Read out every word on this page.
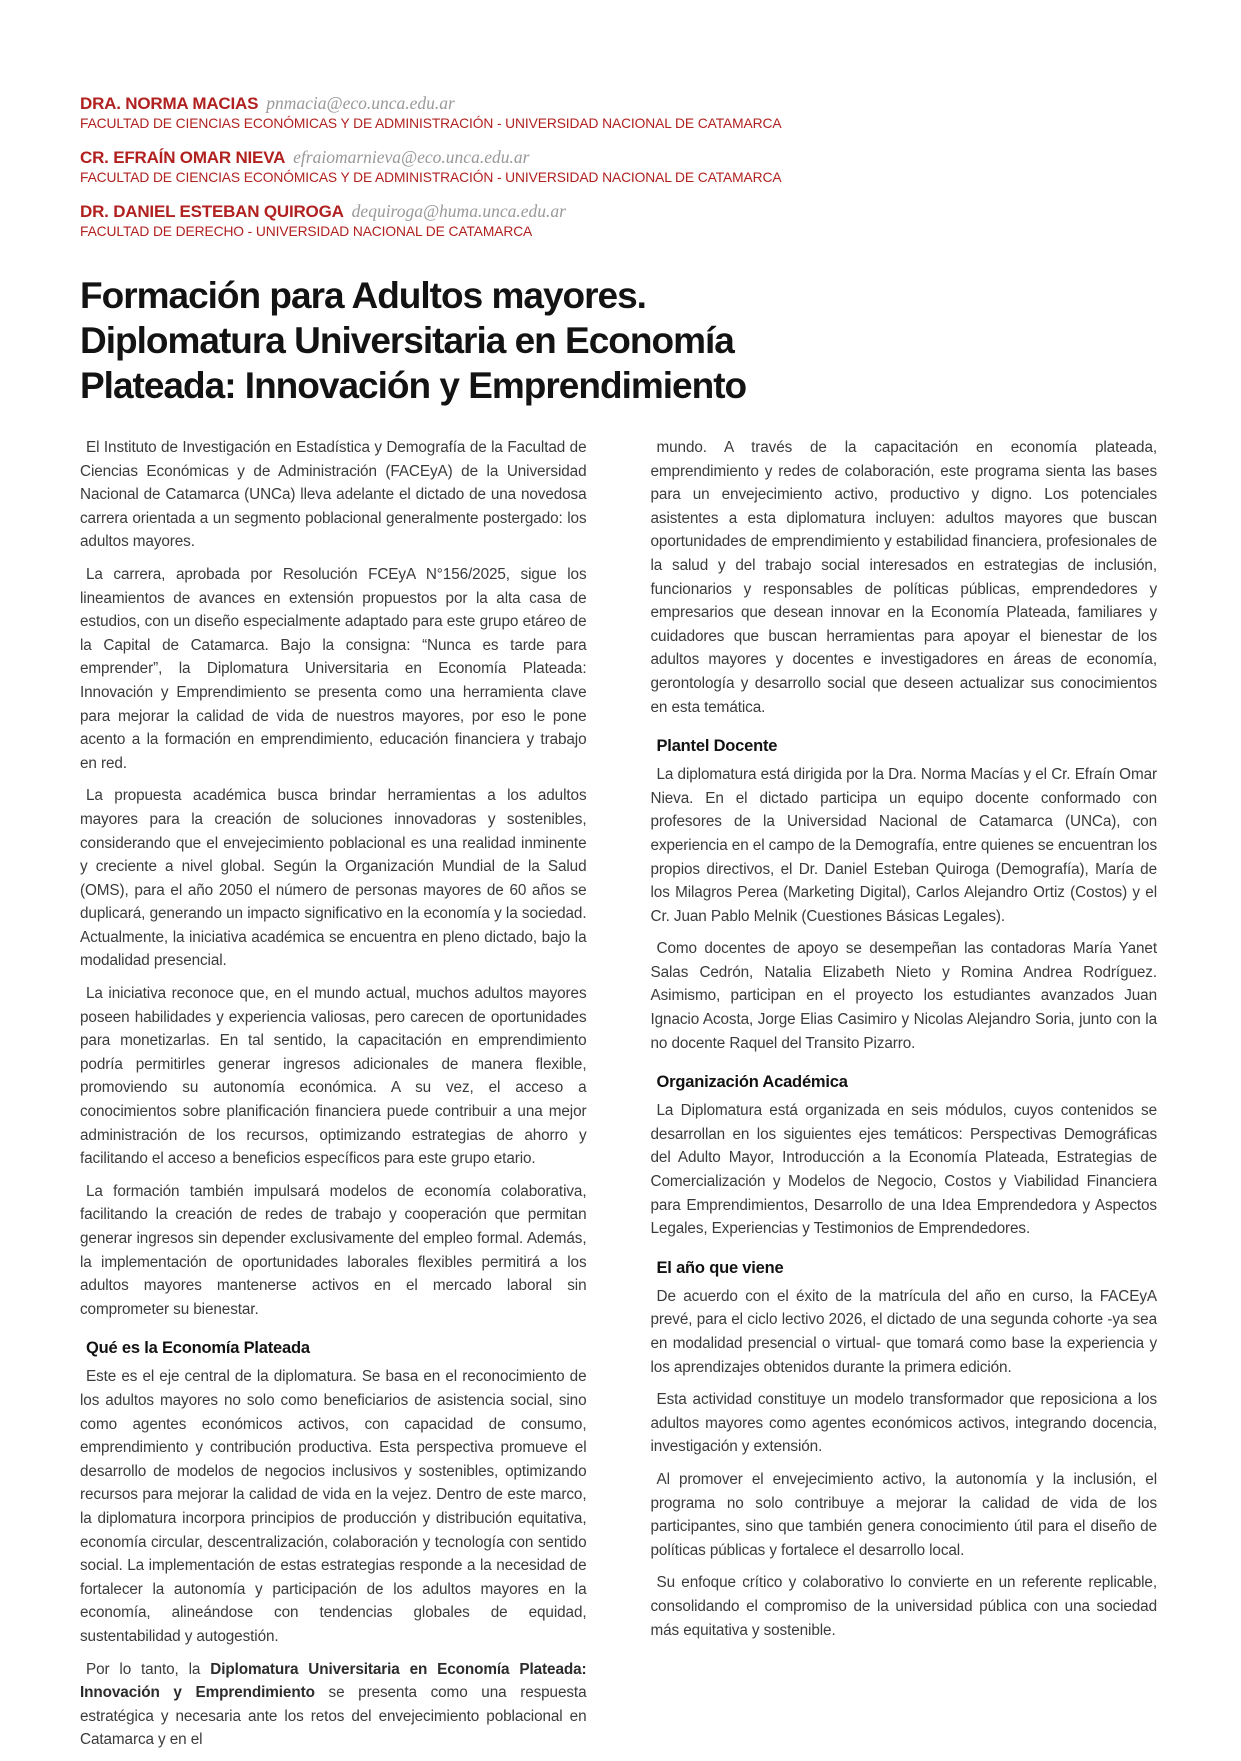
DRA. NORMA MACIAS pnmacia@eco.unca.edu.ar
FACULTAD DE CIENCIAS ECONÓMICAS Y DE ADMINISTRACIÓN - UNIVERSIDAD NACIONAL DE CATAMARCA
CR. EFRAÍN OMAR NIEVA efraiomarnieva@eco.unca.edu.ar
FACULTAD DE CIENCIAS ECONÓMICAS Y DE ADMINISTRACIÓN - UNIVERSIDAD NACIONAL DE CATAMARCA
DR. DANIEL ESTEBAN QUIROGA dequiroga@huma.unca.edu.ar
FACULTAD DE DERECHO - UNIVERSIDAD NACIONAL DE CATAMARCA
Formación para Adultos mayores.
Diplomatura Universitaria en Economía
Plateada: Innovación y Emprendimiento

El Instituto de Investigación en Estadística y Demografía de la Facultad de Ciencias Económicas y de Administración (FACEyA) de la Universidad Nacional de Catamarca (UNCa) lleva adelante el dictado de una novedosa carrera orientada a un segmento poblacional generalmente postergado: los adultos mayores.

La carrera, aprobada por Resolución FCEyA N°156/2025, sigue los lineamientos de avances en extensión propuestos por la alta casa de estudios, con un diseño especialmente adaptado para este grupo etáreo de la Capital de Catamarca. Bajo la consigna: “Nunca es tarde para emprender”, la Diplomatura Universitaria en Economía Plateada: Innovación y Emprendimiento se presenta como una herramienta clave para mejorar la calidad de vida de nuestros mayores, por eso le pone acento a la formación en emprendimiento, educación financiera y trabajo en red.

La propuesta académica busca brindar herramientas a los adultos mayores para la creación de soluciones innovadoras y sostenibles, considerando que el envejecimiento poblacional es una realidad inminente y creciente a nivel global. Según la Organización Mundial de la Salud (OMS), para el año 2050 el número de personas mayores de 60 años se duplicará, generando un impacto significativo en la economía y la sociedad. Actualmente, la iniciativa académica se encuentra en pleno dictado, bajo la modalidad presencial.

La iniciativa reconoce que, en el mundo actual, muchos adultos mayores poseen habilidades y experiencia valiosas, pero carecen de oportunidades para monetizarlas. En tal sentido, la capacitación en emprendimiento podría permitirles generar ingresos adicionales de manera flexible, promoviendo su autonomía económica. A su vez, el acceso a conocimientos sobre planificación financiera puede contribuir a una mejor administración de los recursos, optimizando estrategias de ahorro y facilitando el acceso a beneficios específicos para este grupo etario.

La formación también impulsará modelos de economía colaborativa, facilitando la creación de redes de trabajo y cooperación que permitan generar ingresos sin depender exclusivamente del empleo formal. Además, la implementación de oportunidades laborales flexibles permitirá a los adultos mayores mantenerse activos en el mercado laboral sin comprometer su bienestar.

Qué es la Economía Plateada

Este es el eje central de la diplomatura. Se basa en el reconocimiento de los adultos mayores no solo como beneficiarios de asistencia social, sino como agentes económicos activos, con capacidad de consumo, emprendimiento y contribución productiva. Esta perspectiva promueve el desarrollo de modelos de negocios inclusivos y sostenibles, optimizando recursos para mejorar la calidad de vida en la vejez. Dentro de este marco, la diplomatura incorpora principios de producción y distribución equitativa, economía circular, descentralización, colaboración y tecnología con sentido social. La implementación de estas estrategias responde a la necesidad de fortalecer la autonomía y participación de los adultos mayores en la economía, alineándose con tendencias globales de equidad, sustentabilidad y autogestión.

Por lo tanto, la Diplomatura Universitaria en Economía Plateada: Innovación y Emprendimiento se presenta como una respuesta estratégica y necesaria ante los retos del envejecimiento poblacional en Catamarca y en el

mundo. A través de la capacitación en economía plateada, emprendimiento y redes de colaboración, este programa sienta las bases para un envejecimiento activo, productivo y digno. Los potenciales asistentes a esta diplomatura incluyen: adultos mayores que buscan oportunidades de emprendimiento y estabilidad financiera, profesionales de la salud y del trabajo social interesados en estrategias de inclusión, funcionarios y responsables de políticas públicas, emprendedores y empresarios que desean innovar en la Economía Plateada, familiares y cuidadores que buscan herramientas para apoyar el bienestar de los adultos mayores y docentes e investigadores en áreas de economía, gerontología y desarrollo social que deseen actualizar sus conocimientos en esta temática.

Plantel Docente

La diplomatura está dirigida por la Dra. Norma Macías y el Cr. Efraín Omar Nieva. En el dictado participa un equipo docente conformado con profesores de la Universidad Nacional de Catamarca (UNCa), con experiencia en el campo de la Demografía, entre quienes se encuentran los propios directivos, el Dr. Daniel Esteban Quiroga (Demografía), María de los Milagros Perea (Marketing Digital), Carlos Alejandro Ortiz (Costos) y el Cr. Juan Pablo Melnik (Cuestiones Básicas Legales).

Como docentes de apoyo se desempeñan las contadoras María Yanet Salas Cedrón, Natalia Elizabeth Nieto y Romina Andrea Rodríguez. Asimismo, participan en el proyecto los estudiantes avanzados Juan Ignacio Acosta, Jorge Elias Casimiro y Nicolas Alejandro Soria, junto con la no docente Raquel del Transito Pizarro.

Organización Académica

La Diplomatura está organizada en seis módulos, cuyos contenidos se desarrollan en los siguientes ejes temáticos: Perspectivas Demográficas del Adulto Mayor, Introducción a la Economía Plateada, Estrategias de Comercialización y Modelos de Negocio, Costos y Viabilidad Financiera para Emprendimientos, Desarrollo de una Idea Emprendedora y Aspectos Legales, Experiencias y Testimonios de Emprendedores.

El año que viene

De acuerdo con el éxito de la matrícula del año en curso, la FACEyA prevé, para el ciclo lectivo 2026, el dictado de una segunda cohorte -ya sea en modalidad presencial o virtual- que tomará como base la experiencia y los aprendizajes obtenidos durante la primera edición.

Esta actividad constituye un modelo transformador que reposiciona a los adultos mayores como agentes económicos activos, integrando docencia, investigación y extensión.

Al promover el envejecimiento activo, la autonomía y la inclusión, el programa no solo contribuye a mejorar la calidad de vida de los participantes, sino que también genera conocimiento útil para el diseño de políticas públicas y fortalece el desarrollo local.

Su enfoque crítico y colaborativo lo convierte en un referente replicable, consolidando el compromiso de la universidad pública con una sociedad más equitativa y sostenible.
